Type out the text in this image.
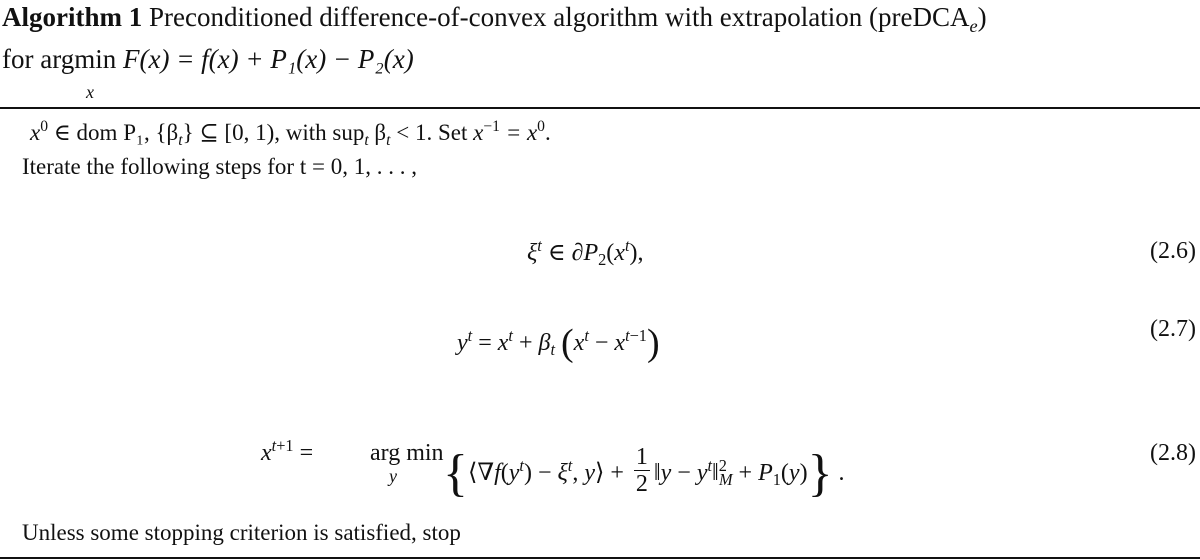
Algorithm 1 Preconditioned difference-of-convex algorithm with extrapolation (preDCA$_e$)
for argmin F(x) = f(x) + P₁(x) − P₂(x)
x
$x^0$ ∈ dom P₁, $\{\beta_t\}$ ⊆ [0, 1), with sup$_t$ $\beta_t < 1$. Set $x^{-1} = x^0$.
Iterate the following steps for t = 0, 1, . . . ,
$\xi^t$ ∈ $\partial P_2(x^t)$,	(2.6)
$y^t = x^t + \beta_t$ $(x^t - x^{t-1})$	(2.7)
$x^{t+1}$ = arg min
y {$⟨\nabla f(y^t) - \xi^t$, y⟩ + $\frac{1}{2}$ ‖y − $y^t‖^2_M + P_1(y)$} .
(2.8)
Unless some stopping criterion is satisfied, stop
